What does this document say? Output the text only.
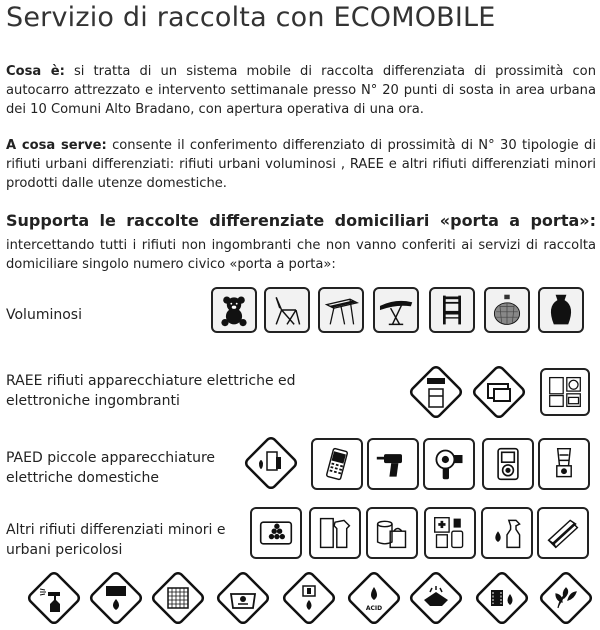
Servizio di raccolta con ECOMOBILE
Cosa è: si tratta di un sistema mobile di raccolta differenziata di prossimità con autocarro attrezzato e intervento settimanale presso N° 20 punti di sosta in area urbana dei 10 Comuni Alto Bradano, con apertura operativa di una ora.
A cosa serve: consente il conferimento differenziato di prossimità di N° 30 tipologie di rifiuti urbani differenziati: rifiuti urbani voluminosi , RAEE e altri rifiuti differenziati minori prodotti dalle utenze domestiche.
Supporta le raccolte differenziate domiciliari «porta a porta»:
intercettando tutti i rifiuti non ingombranti che non vanno conferiti ai servizi di raccolta domiciliare singolo numero civico «porta a porta»:
Voluminosi
RAEE rifiuti apparecchiature elettriche ed elettroniche ingombranti
PAED piccole apparecchiature elettriche domestiche
Altri rifiuti differenziati minori e urbani pericolosi
ACID
